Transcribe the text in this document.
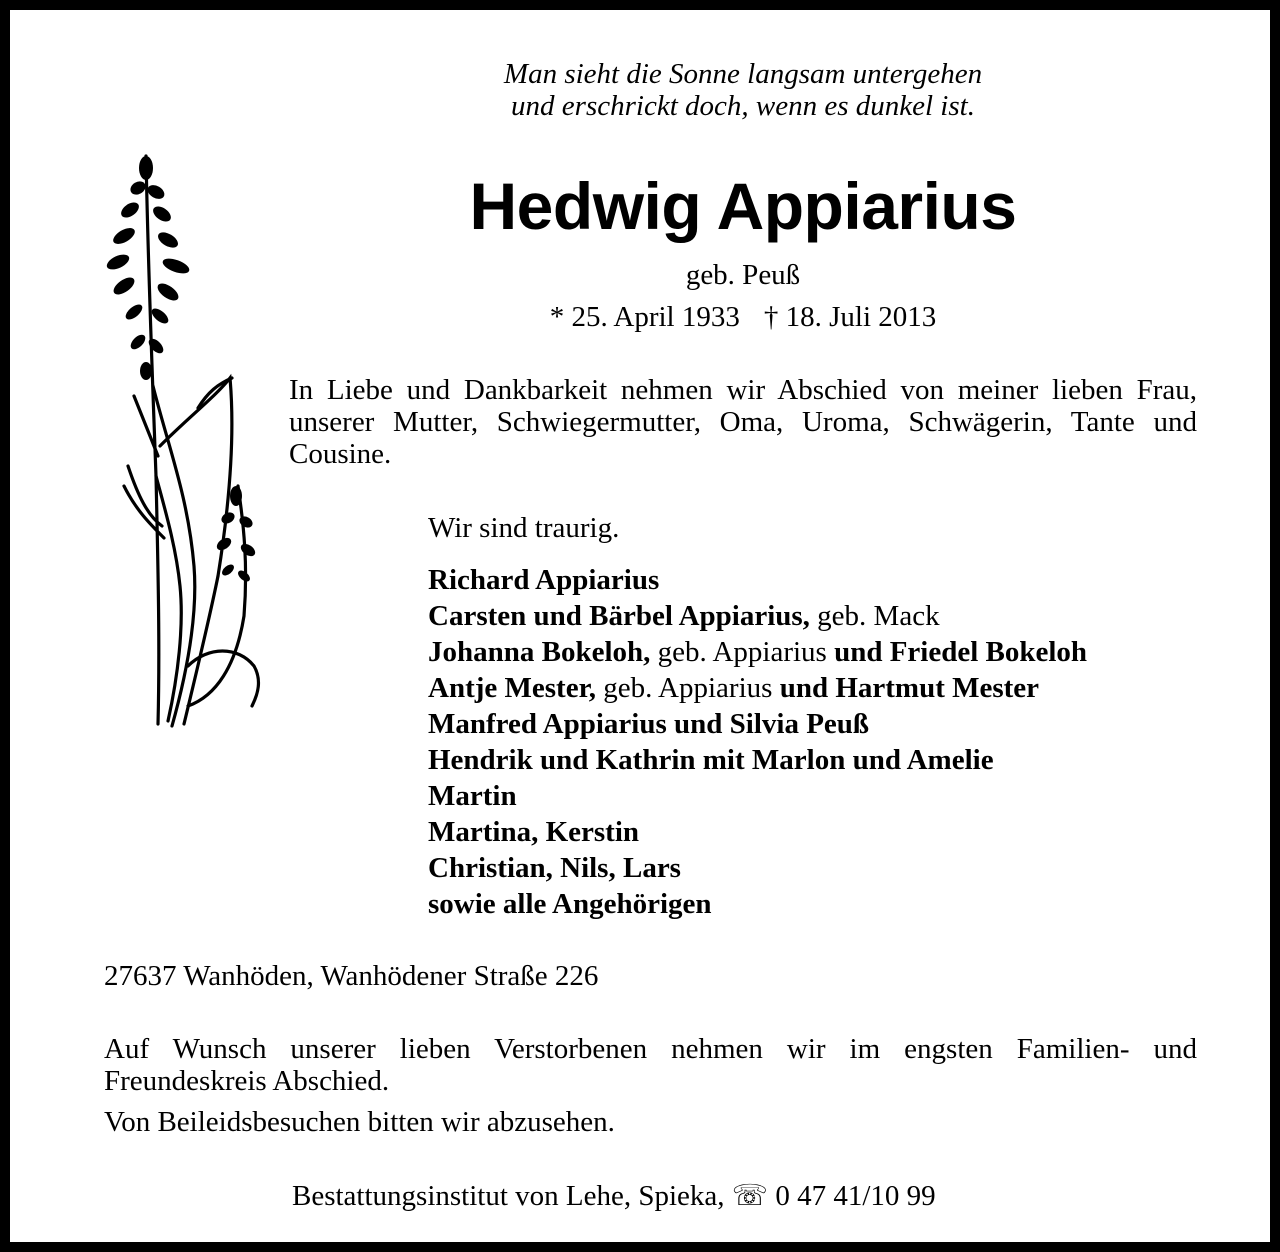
Man sieht die Sonne langsam untergehen
und erschrickt doch, wenn es dunkel ist.
Hedwig Appiarius
geb. Peuß
* 25. April 1933 † 18. Juli 2013
In Liebe und Dankbarkeit nehmen wir Abschied von meiner lieben Frau, unserer Mutter, Schwiegermutter, Oma, Uroma, Schwägerin, Tante und Cousine.
Wir sind traurig.
Richard Appiarius
Carsten und Bärbel Appiarius, geb. Mack
Johanna Bokeloh, geb. Appiarius und Friedel Bokeloh
Antje Mester, geb. Appiarius und Hartmut Mester
Manfred Appiarius und Silvia Peuß
Hendrik und Kathrin mit Marlon und Amelie
Martin
Martina, Kerstin
Christian, Nils, Lars
sowie alle Angehörigen
27637 Wanhöden, Wanhödener Straße 226
Auf Wunsch unserer lieben Verstorbenen nehmen wir im engsten Familien- und Freundeskreis Abschied.
Von Beileidsbesuchen bitten wir abzusehen.
Bestattungsinstitut von Lehe, Spieka, ☏ 0 47 41/10 99
